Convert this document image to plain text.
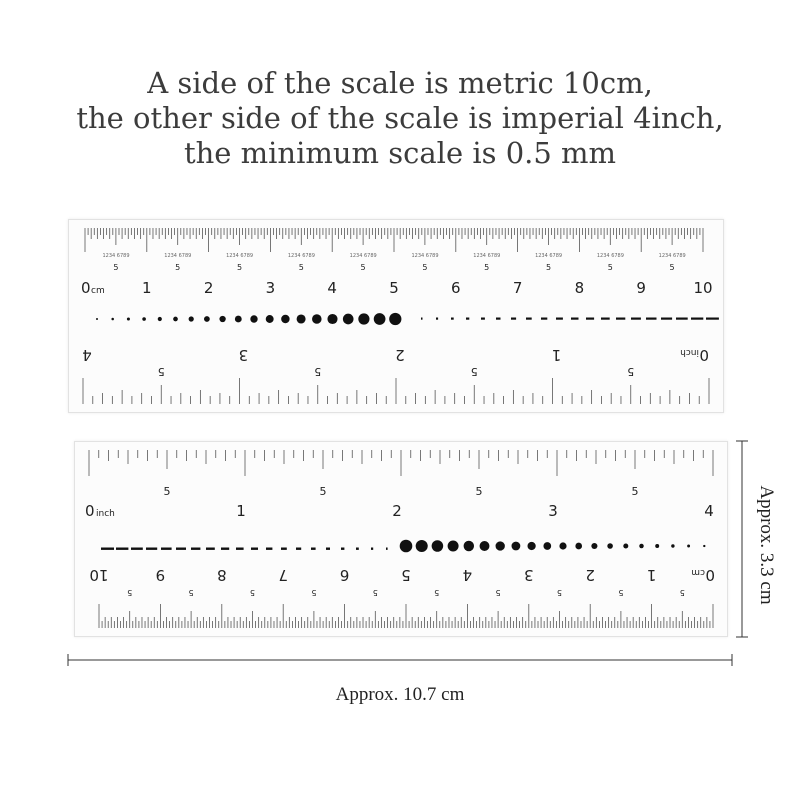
A side of the scale is metric 10cm,
the other side of the scale is imperial 4inch,
the minimum scale is 0.5 mm
5
1234 6789
5
1234 6789
5
1234 6789
5
1234 6789
5
1234 6789
5
1234 6789
5
1234 6789
5
1234 6789
5
1234 6789
5
1234 6789
5
5
5
5
0 cm 1	2	3	4	5	6	7	8	9	10
1
2
3
4	0
inch
5	5	5	5
5
5
5
5
5
5
5
5
5
5
0 inch	1	2	3	4
1
2
3
4
5
6
7
8
9
10	0
cm
Approx. 10.7 cm
Approx. 3.3 cm
